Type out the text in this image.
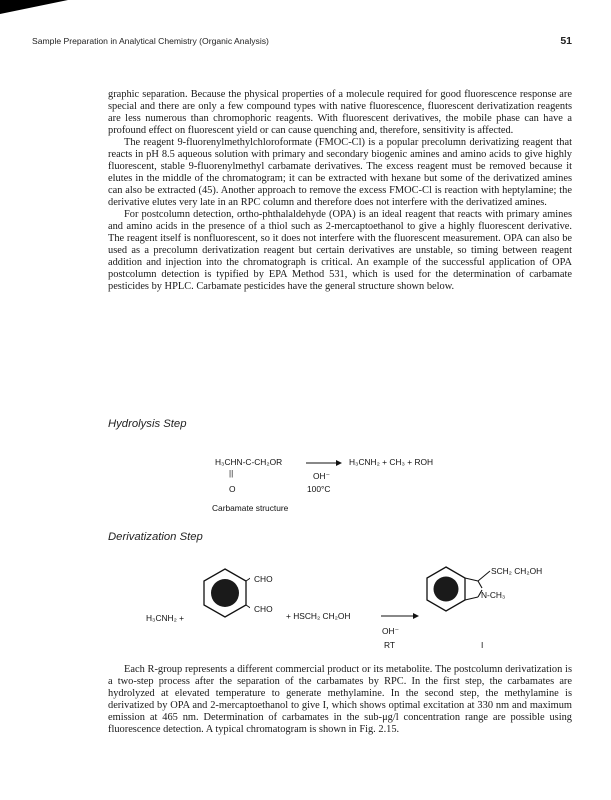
Sample Preparation in Analytical Chemistry (Organic Analysis)	51

graphic separation. Because the physical properties of a molecule required for good fluorescence response are special and there are only a few compound types with native fluorescence, fluorescent derivatization reagents are less numerous than chromophoric reagents. With fluorescent derivatives, the mobile phase can have a profound effect on fluorescent yield or can cause quenching and, therefore, sensitivity is affected.

The reagent 9-fluorenylmethylchloroformate (FMOC-Cl) is a popular precolumn derivatizing reagent that reacts in pH 8.5 aqueous solution with primary and secondary biogenic amines and amino acids to give highly fluorescent, stable 9-fluorenylmethyl carbamate derivatives. The excess reagent must be removed because it elutes in the middle of the chromatogram; it can be extracted with hexane but some of the derivatized amines can also be extracted (45). Another approach to remove the excess FMOC-Cl is reaction with heptylamine; the derivative elutes very late in an RPC column and therefore does not interfere with the derivatized amines.

For postcolumn detection, ortho-phthalaldehyde (OPA) is an ideal reagent that reacts with primary amines and amino acids in the presence of a thiol such as 2-mercaptoethanol to give a highly fluorescent derivative. The reagent itself is nonfluorescent, so it does not interfere with the fluorescent measurement. OPA can also be used as a precolumn derivatization reagent but certain derivatives are unstable, so timing between reagent addition and injection into the chromatograph is critical. An example of the successful application of OPA postcolumn detection is typified by EPA Method 531, which is used for the determination of carbamate pesticides by HPLC. Carbamate pesticides have the general structure shown below.

Hydrolysis Step
H₃CHN-C-CH₂OR
||
O
H₃CNH₂ + CH₃ + ROH
OH⁻
100°C
Carbamate structure
Derivatization Step
H₃CNH₂ +
CHO
CHO
+ HSCH₂ CH₂OH
OH⁻
RT
SCH₂ CH₂OH
N-CH₃
I

Each R-group represents a different commercial product or its metabolite. The postcolumn derivatization is a two-step process after the separation of the carbamates by RPC. In the first step, the carbamates are hydrolyzed at elevated temperature to generate methylamine. In the second step, the methylamine is derivatized by OPA and 2-mercaptoethanol to give I, which shows optimal excitation at 330 nm and maximum emission at 465 nm. Determination of carbamates in the sub-μg/l concentration range are possible using fluorescence detection. A typical chromatogram is shown in Fig. 2.15.
